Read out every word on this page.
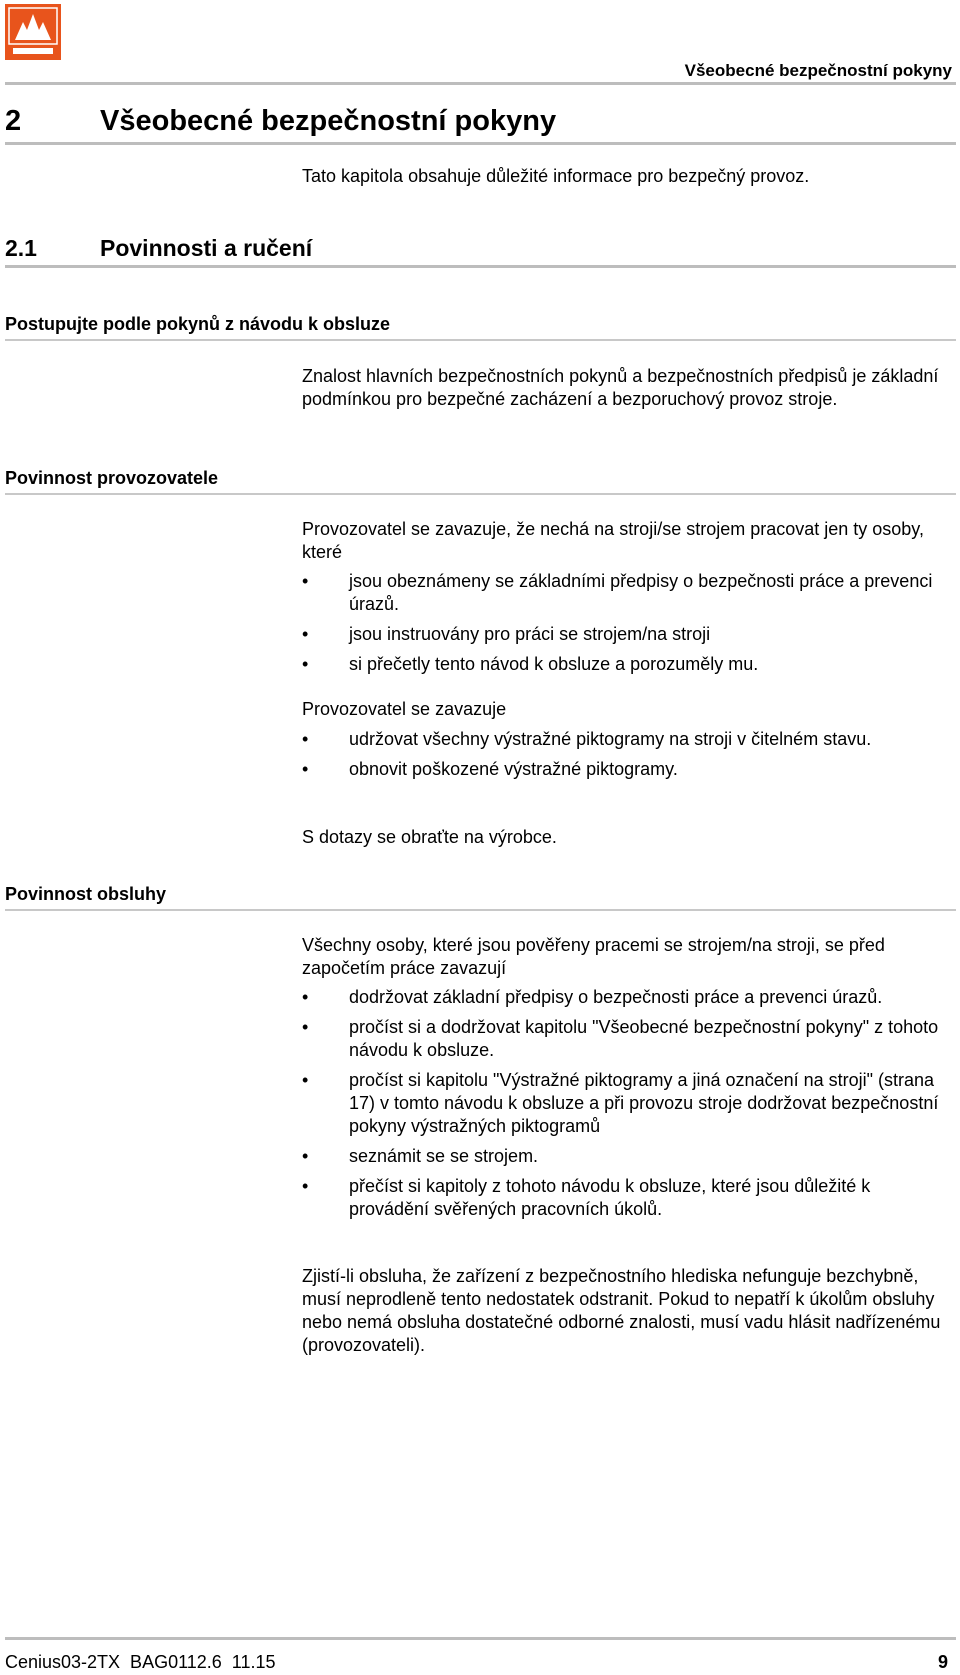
Všeobecné bezpečnostní pokyny
2	Všeobecné bezpečnostní pokyny
Tato kapitola obsahuje důležité informace pro bezpečný provoz.
2.1	Povinnosti a ručení
Postupujte podle pokynů z návodu k obsluze
Znalost hlavních bezpečnostních pokynů a bezpečnostních předpisů je základní podmínkou pro bezpečné zacházení a bezporuchový provoz stroje.
Povinnost provozovatele
Provozovatel se zavazuje, že nechá na stroji/se strojem pracovat jen ty osoby, které
• jsou obeznámeny se základními předpisy o bezpečnosti práce a prevenci úrazů.
• jsou instruovány pro práci se strojem/na stroji
• si přečetly tento návod k obsluze a porozuměly mu.
Provozovatel se zavazuje
• udržovat všechny výstražné piktogramy na stroji v čitelném stavu.
• obnovit poškozené výstražné piktogramy.
S dotazy se obraťte na výrobce.
Povinnost obsluhy
Všechny osoby, které jsou pověřeny pracemi se strojem/na stroji, se před započetím práce zavazují
• dodržovat základní předpisy o bezpečnosti práce a prevenci úrazů.
• pročíst si a dodržovat kapitolu "Všeobecné bezpečnostní pokyny" z tohoto návodu k obsluze.
• pročíst si kapitolu "Výstražné piktogramy a jiná označení na stroji" (strana 17) v tomto návodu k obsluze a při provozu stroje dodržovat bezpečnostní pokyny výstražných piktogramů
• seznámit se se strojem.
• přečíst si kapitoly z tohoto návodu k obsluze, které jsou důležité k provádění svěřených pracovních úkolů.
Zjistí-li obsluha, že zařízení z bezpečnostního hlediska nefunguje bezchybně, musí neprodleně tento nedostatek odstranit. Pokud to nepatří k úkolům obsluhy nebo nemá obsluha dostatečné odborné znalosti, musí vadu hlásit nadřízenému (provozovateli).
Cenius03-2TX  BAG0112.6  11.15	9
